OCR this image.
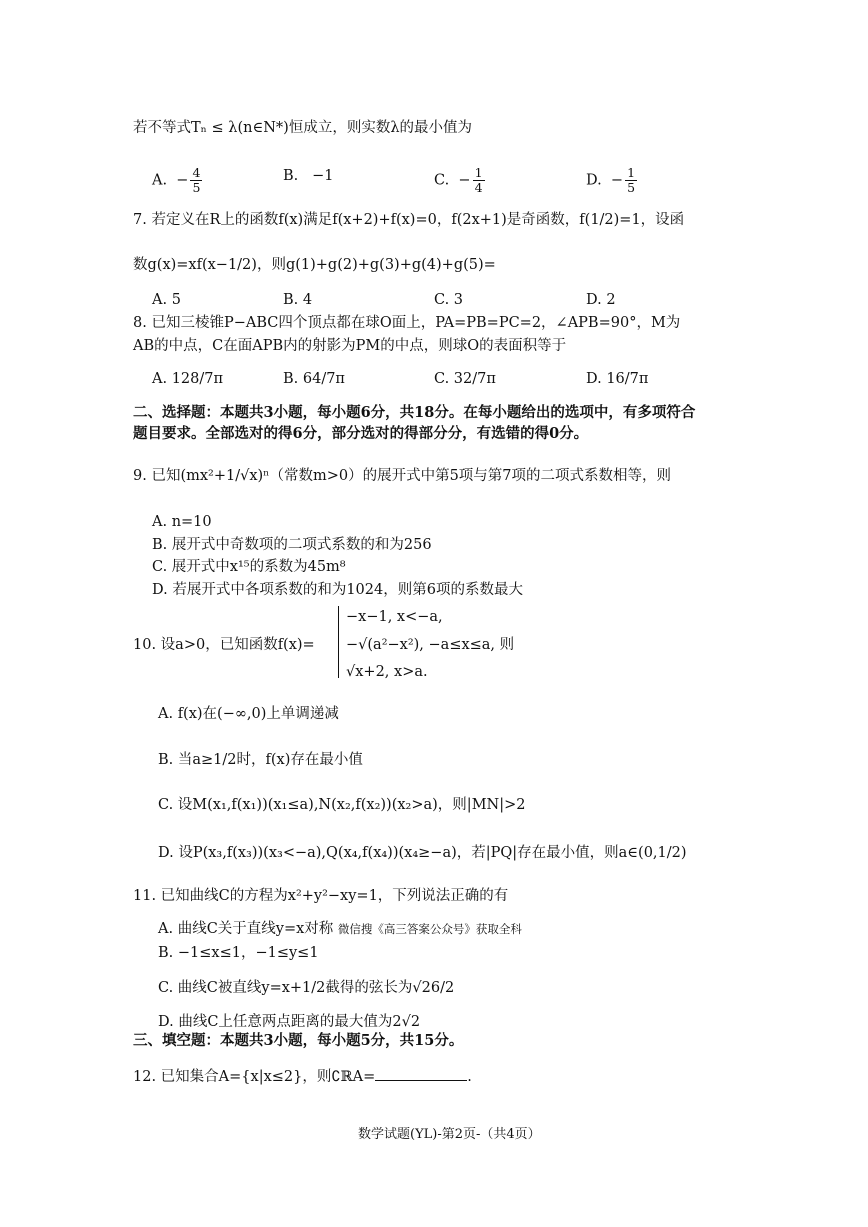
若不等式Tₙ ≤ λ(n∈N*)恒成立，则实数λ的最小值为
A.  − $\frac{4}{5}$	B.   −1	C.  − $\frac{1}{4}$	D.  − $\frac{1}{5}$
7. 若定义在R上的函数f(x)满足f(x+2)+f(x)=0，f(2x+1)是奇函数，f(1/2)=1，设函
数g(x)=xf(x−1/2)，则g(1)+g(2)+g(3)+g(4)+g(5)=
A. 5	B. 4	C. 3	D. 2
8. 已知三棱锥P−ABC四个顶点都在球O面上，PA=PB=PC=2，∠APB=90°，M为
AB的中点，C在面APB内的射影为PM的中点，则球O的表面积等于
A. 128/7π	B. 64/7π	C. 32/7π	D. 16/7π
二、选择题：本题共3小题，每小题6分，共18分。在每小题给出的选项中，有多项符合
题目要求。全部选对的得6分，部分选对的得部分分，有选错的得0分。
9. 已知(mx²+1/√x)ⁿ（常数m>0）的展开式中第5项与第7项的二项式系数相等，则
A. n=10
B. 展开式中奇数项的二项式系数的和为256
C. 展开式中x¹⁵的系数为45m⁸
D. 若展开式中各项系数的和为1024，则第6项的系数最大
10. 设a>0，已知函数f(x)=
−x−1, x<−a,
−√(a²−x²), −a≤x≤a, 则
√x+2, x>a.
A. f(x)在(−∞,0)上单调递减
B. 当a≥1/2时，f(x)存在最小值
C. 设M(x₁,f(x₁))(x₁≤a),N(x₂,f(x₂))(x₂>a)，则|MN|>2
D. 设P(x₃,f(x₃))(x₃<−a),Q(x₄,f(x₄))(x₄≥−a)，若|PQ|存在最小值，则a∈(0,1/2)
11. 已知曲线C的方程为x²+y²−xy=1，下列说法正确的有
A. 曲线C关于直线y=x对称 微信搜《高三答案公众号》获取全科
B. −1≤x≤1，−1≤y≤1
C. 曲线C被直线y=x+1/2截得的弦长为√26/2
D. 曲线C上任意两点距离的最大值为2√2
三、填空题：本题共3小题，每小题5分，共15分。
12. 已知集合A={x|x≤2}，则∁ℝA=	.
数学试题(YL)-第2页-（共4页）
